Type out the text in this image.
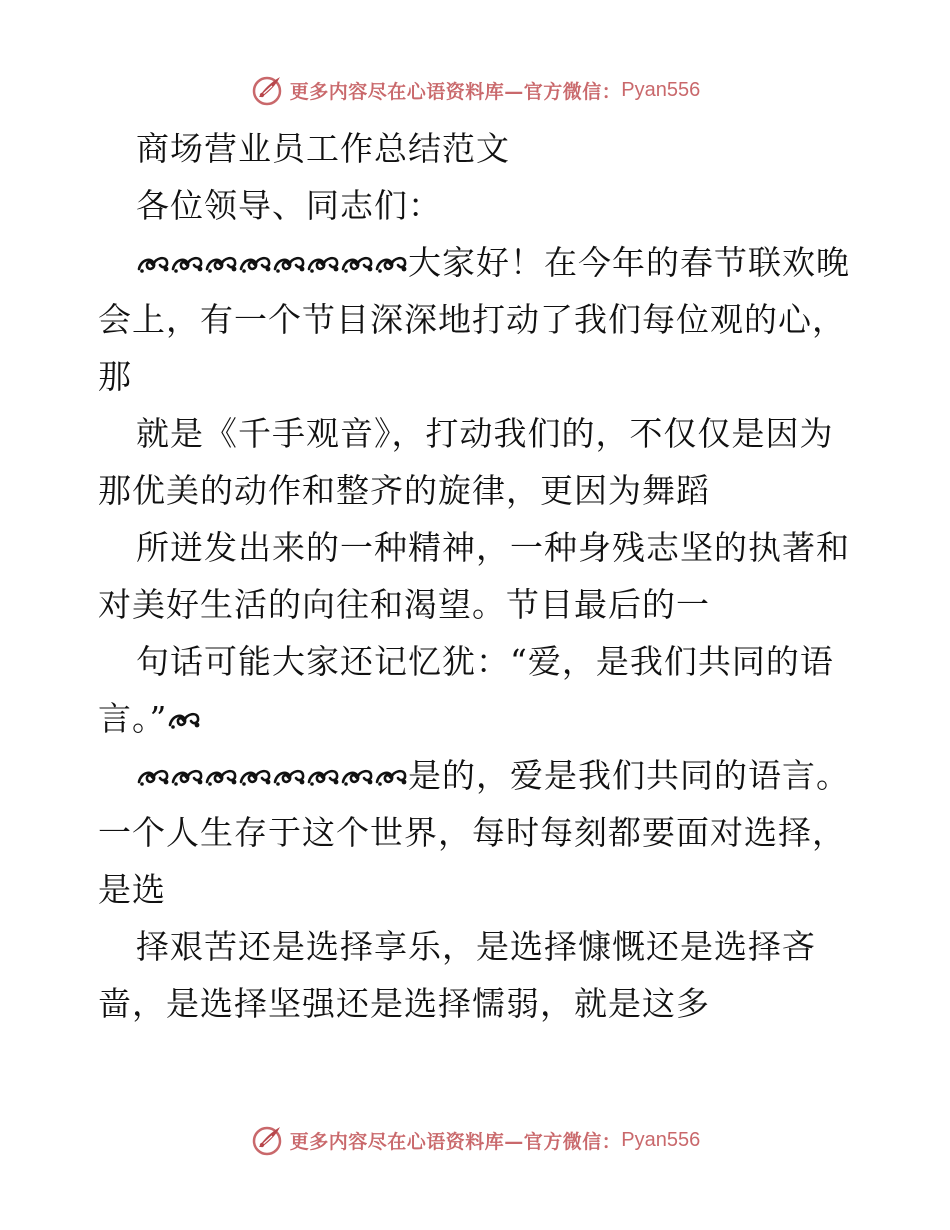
更多内容尽在心语资料库—官方微信： Pyan556
商场营业员工作总结范文
各位领导、同志们：
大家好！在今年的春节联欢晚
会上，有一个节目深深地打动了我们每位观的心，
那
就是《千手观音》，打动我们的，不仅仅是因为
那优美的动作和整齐的旋律，更因为舞蹈
所迸发出来的一种精神，一种身残志坚的执著和
对美好生活的向往和渴望。节目最后的一
句话可能大家还记忆犹：“爱，是我们共同的语
言。”
是的，爱是我们共同的语言。
一个人生存于这个世界，每时每刻都要面对选择，
是选
择艰苦还是选择享乐，是选择慷慨还是选择吝
啬，是选择坚强还是选择懦弱，就是这多
更多内容尽在心语资料库—官方微信： Pyan556
